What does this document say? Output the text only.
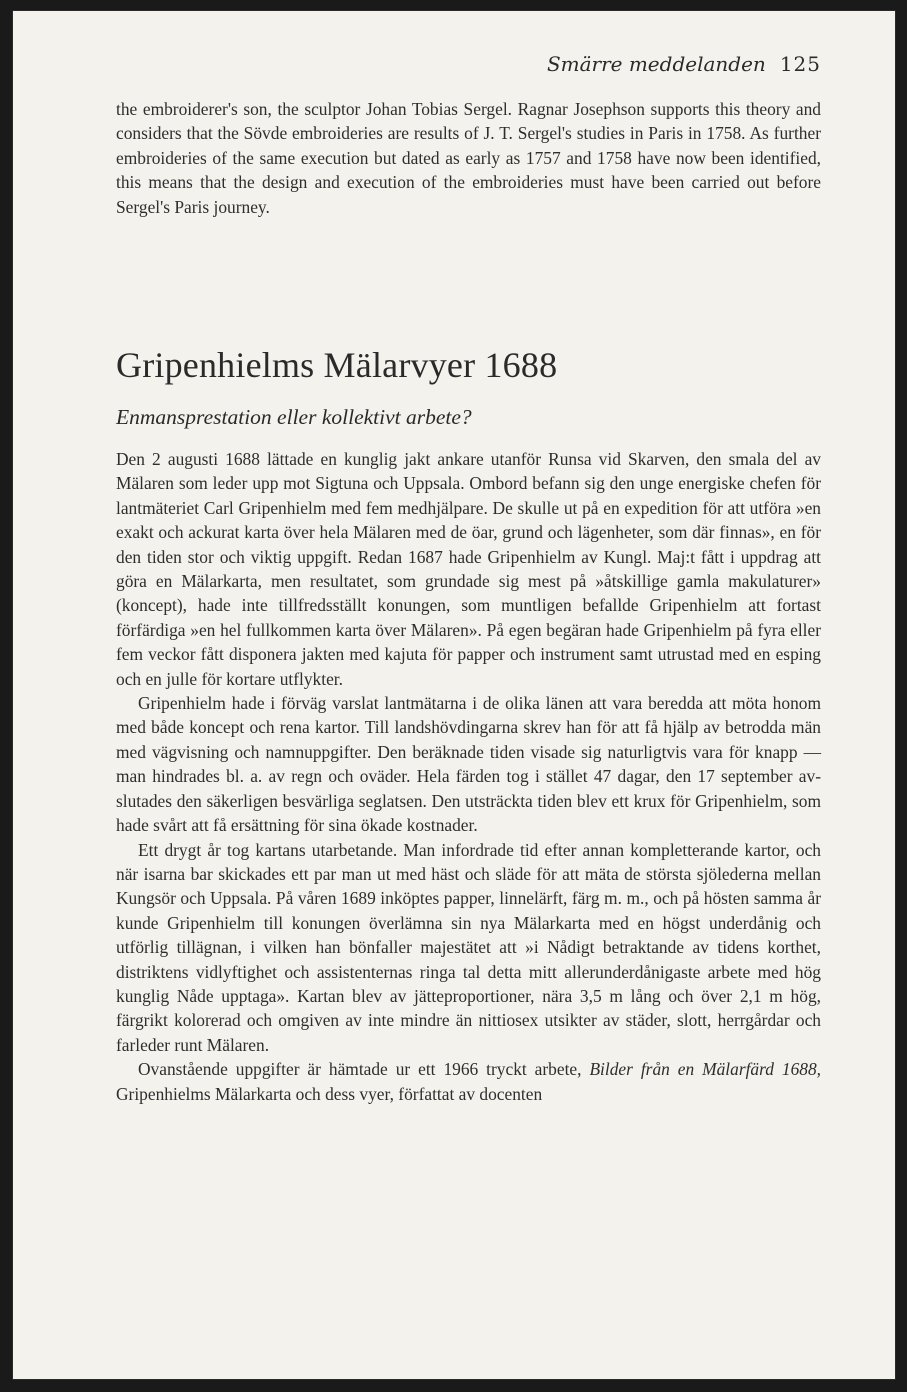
Smärre meddelanden 125

the embroiderer's son, the sculptor Johan Tobias Sergel. Ragnar Josephson supports this theory and considers that the Sövde embroideries are results of J. T. Sergel's studies in Paris in 1758. As further embroideries of the same execution but dated as early as 1757 and 1758 have now been identified, this means that the design and execution of the embroideries must have been carried out before Sergel's Paris journey.

Gripenhielms Mälarvyer 1688
Enmansprestation eller kollektivt arbete?

Den 2 augusti 1688 lättade en kunglig jakt ankare utanför Runsa vid Skarven, den smala del av Mälaren som leder upp mot Sigtuna och Uppsala. Ombord befann sig den unge energiske chefen för lantmäteriet Carl Gripenhielm med fem medhjälpare. De skulle ut på en expedition för att utföra »en exakt och ackurat karta över hela Mälaren med de öar, grund och lägenheter, som där finnas», en för den tiden stor och viktig uppgift. Redan 1687 hade Gripenhielm av Kungl. Maj:t fått i uppdrag att göra en Mälarkarta, men resultatet, som grundade sig mest på »åtskillige gamla makulaturer» (koncept), hade inte tillfredsställt konungen, som muntligen befallde Gripenhielm att fortast förfärdiga »en hel fullkommen karta över Mälaren». På egen begäran hade Gripenhielm på fyra eller fem veckor fått disponera jakten med kajuta för papper och instrument samt utrustad med en esping och en julle för kortare utflykter.

Gripenhielm hade i förväg varslat lantmätarna i de olika länen att vara beredda att möta honom med både koncept och rena kartor. Till landshövdingarna skrev han för att få hjälp av betrodda män med vägvisning och namnuppgifter. Den beräknade tiden visade sig naturligtvis vara för knapp — man hindrades bl. a. av regn och oväder. Hela färden tog i stället 47 dagar, den 17 september avslutades den säkerligen besvärliga seglatsen. Den utsträckta tiden blev ett krux för Gripenhielm, som hade svårt att få ersättning för sina ökade kostnader.

Ett drygt år tog kartans utarbetande. Man infordrade tid efter annan kompletterande kartor, och när isarna bar skickades ett par man ut med häst och släde för att mäta de största sjölederna mellan Kungsör och Uppsala. På våren 1689 inköptes papper, linnelärft, färg m. m., och på hösten samma år kunde Gripenhielm till konungen överlämna sin nya Mälarkarta med en högst underdånig och utförlig tillägnan, i vilken han bönfaller majestätet att »i Nådigt betraktande av tidens korthet, distriktens vidlyftighet och assistenternas ringa tal detta mitt allerunderdånigaste arbete med hög kunglig Nåde upptaga». Kartan blev av jätteproportioner, nära 3,5 m lång och över 2,1 m hög, färgrikt kolorerad och omgiven av inte mindre än nittiosex utsikter av städer, slott, herrgårdar och farleder runt Mälaren.

Ovanstående uppgifter är hämtade ur ett 1966 tryckt arbete, Bilder från en Mälarfärd 1688, Gripenhielms Mälarkarta och dess vyer, författat av docenten
